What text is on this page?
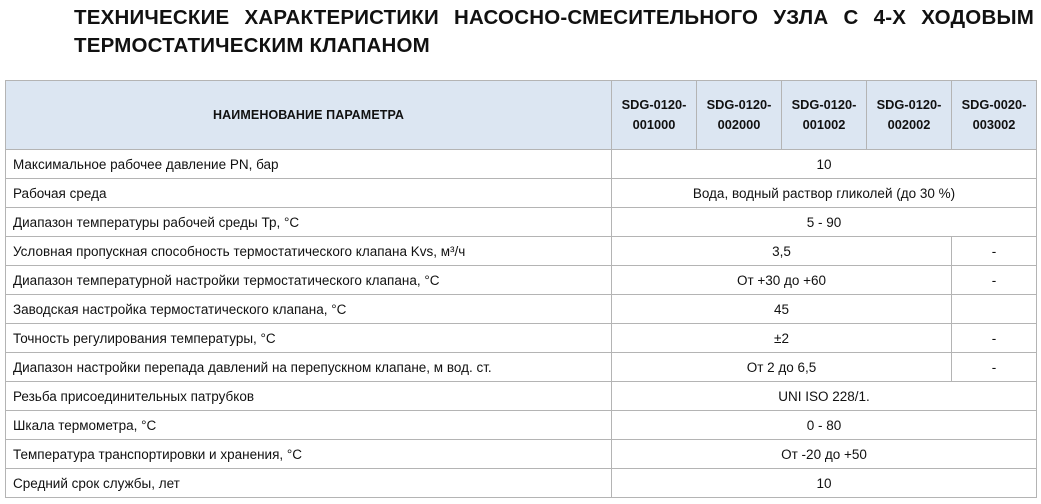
ТЕХНИЧЕСКИЕ ХАРАКТЕРИСТИКИ НАСОСНО-СМЕСИТЕЛЬНОГО УЗЛА С 4-Х ХОДОВЫМ ТЕРМОСТАТИЧЕСКИМ КЛАПАНОМ
НАИМЕНОВАНИЕ ПАРАМЕТРА	SDG-0120-001000	SDG-0120-002000	SDG-0120-001002	SDG-0120-002002	SDG-0020-003002
Максимальное рабочее давление PN, бар	10				
Рабочая среда	Вода, водный раствор гликолей (до 30 %)				
Диапазон температуры рабочей среды Тр, °С	5 - 90				
Условная пропускная способность термостатического клапана Kvs, м³/ч	3,5				-
Диапазон температурной настройки термостатического клапана, °С	От +30 до +60				-
Заводская настройка термостатического клапана, °С	45				
Точность регулирования температуры, °С	±2				-
Диапазон настройки перепада давлений на перепускном клапане, м вод. ст.	От 2 до 6,5				-
Резьба присоединительных патрубков	UNI ISO 228/1.				
Шкала термометра, °С	0 - 80				
Температура транспортировки и хранения, °С	От -20 до +50				
Средний срок службы, лет	10				
